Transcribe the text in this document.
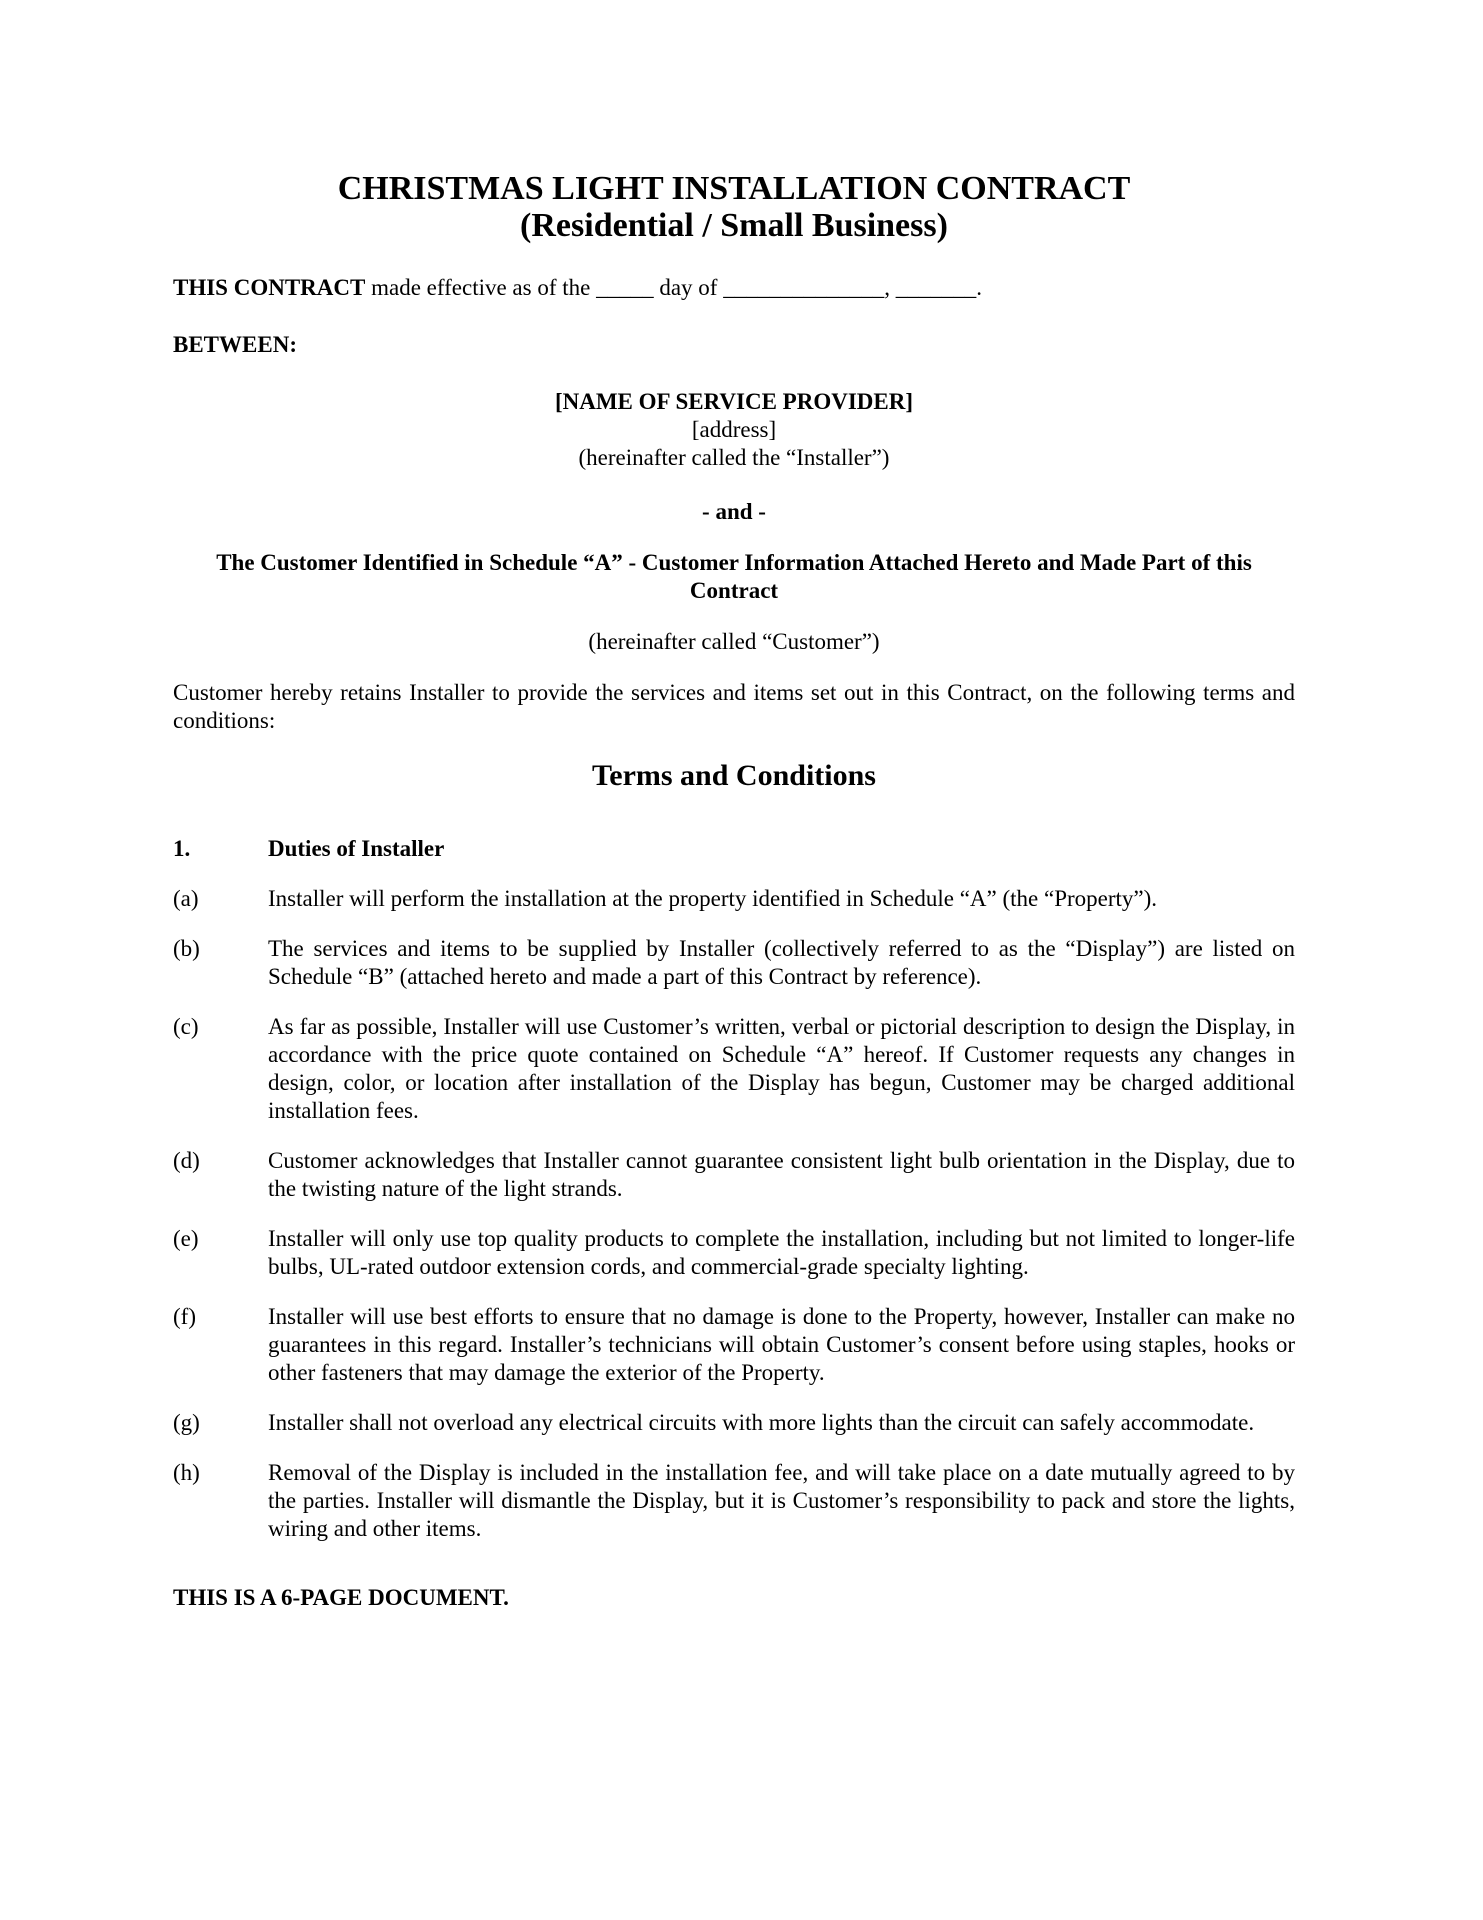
CHRISTMAS LIGHT INSTALLATION CONTRACT
(Residential / Small Business)

THIS CONTRACT made effective as of the _____ day of ______________, _______.

BETWEEN:

[NAME OF SERVICE PROVIDER]
[address]
(hereinafter called the “Installer”)

- and -

The Customer Identified in Schedule “A” - Customer Information Attached Hereto and Made Part of this Contract

(hereinafter called “Customer”)

Customer hereby retains Installer to provide the services and items set out in this Contract, on the following terms and conditions:

Terms and Conditions

1.	Duties of Installer
(a)	Installer will perform the installation at the property identified in Schedule “A” (the “Property”).
(b)	The services and items to be supplied by Installer (collectively referred to as the “Display”) are listed on Schedule “B” (attached hereto and made a part of this Contract by reference).
(c)	As far as possible, Installer will use Customer’s written, verbal or pictorial description to design the Display, in accordance with the price quote contained on Schedule “A” hereof. If Customer requests any changes in design, color, or location after installation of the Display has begun, Customer may be charged additional installation fees.
(d)	Customer acknowledges that Installer cannot guarantee consistent light bulb orientation in the Display, due to the twisting nature of the light strands.
(e)	Installer will only use top quality products to complete the installation, including but not limited to longer-life bulbs, UL-rated outdoor extension cords, and commercial-grade specialty lighting.
(f)	Installer will use best efforts to ensure that no damage is done to the Property, however, Installer can make no guarantees in this regard. Installer’s technicians will obtain Customer’s consent before using staples, hooks or other fasteners that may damage the exterior of the Property.
(g)	Installer shall not overload any electrical circuits with more lights than the circuit can safely accommodate.
(h)	Removal of the Display is included in the installation fee, and will take place on a date mutually agreed to by the parties. Installer will dismantle the Display, but it is Customer’s responsibility to pack and store the lights, wiring and other items.

THIS IS A 6-PAGE DOCUMENT.
